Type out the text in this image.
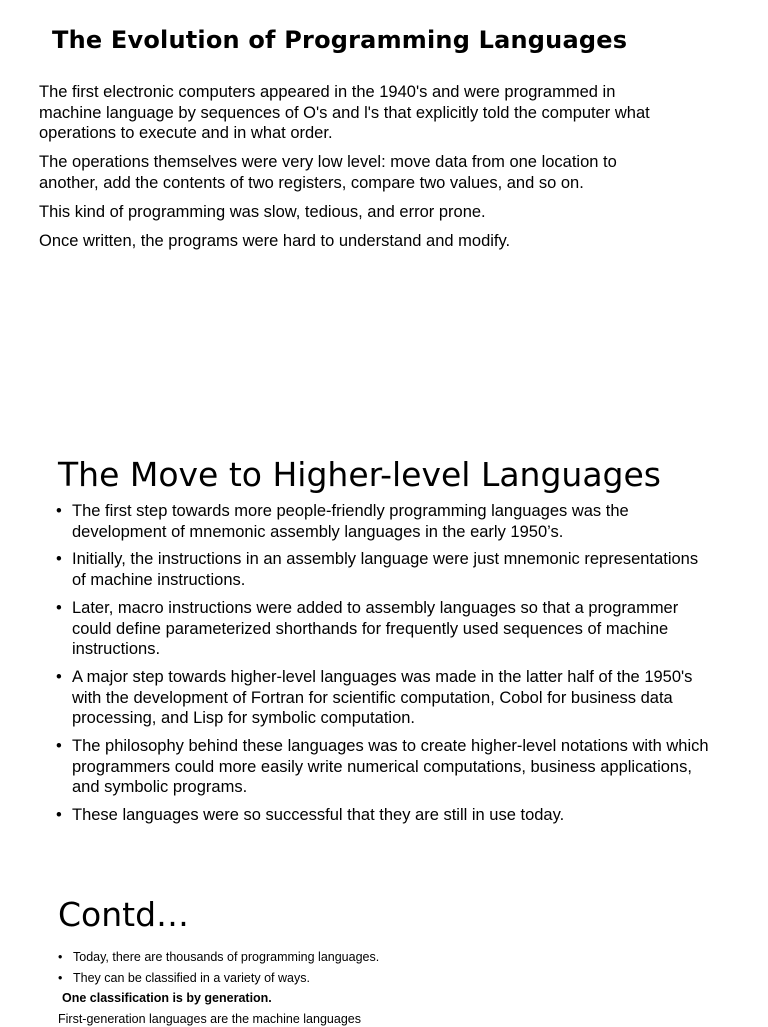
The Evolution of Programming Languages

The first electronic computers appeared in the 1940's and were programmed in machine language by sequences of O's and l's that explicitly told the computer what operations to execute and in what order.

The operations themselves were very low level: move data from one location to another, add the contents of two registers, compare two values, and so on.

This kind of programming was slow, tedious, and error prone.

Once written, the programs were hard to understand and modify.

The Move to Higher-level Languages
• The first step towards more people-friendly programming languages was the development of mnemonic assembly languages in the early 1950’s.
• Initially, the instructions in an assembly language were just mnemonic representations of machine instructions.
• Later, macro instructions were added to assembly languages so that a programmer could define parameterized shorthands for frequently used sequences of machine instructions.
• A major step towards higher-level languages was made in the latter half of the 1950's with the development of Fortran for scientific computation, Cobol for business data processing, and Lisp for symbolic computation.
• The philosophy behind these languages was to create higher-level notations with which programmers could more easily write numerical computations, business applications, and symbolic programs.
• These languages were so successful that they are still in use today.
Contd…
• Today, there are thousands of programming languages.
• They can be classified in a variety of ways.
One classification is by generation.
First-generation languages are the machine languages
